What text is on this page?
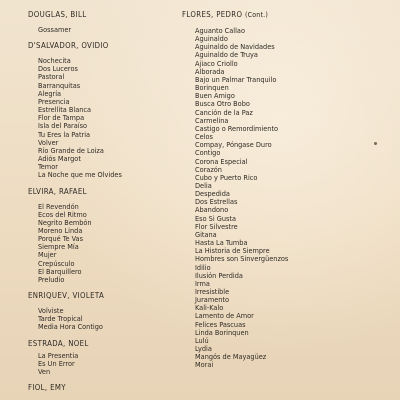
DOUGLAS, BILL
Gossamer
D'SALVADOR, OVIDIO
Nochecita
Dos Luceros
Pastoral
Barranquitas
Alegría
Presencia
Estrellita Blanca
Flor de Tampa
Isla del Paraíso
Tu Eres la Patria
Volver
Río Grande de Loiza
Adiós Margot
Temor
La Noche que me Olvides
ELVIRA, RAFAEL
El Revendón
Ecos del Ritmo
Negrito Bembón
Moreno Linda
Porqué Te Vas
Siempre Mía
Mujer
Crepúsculo
El Barquillero
Preludio
ENRIQUEV, VIOLETA
Volviste
Tarde Tropical
Media Hora Contigo
ESTRADA, NOEL
La Presentia
Es Un Error
Ven
FIOL, EMY
FLORES, PEDRO (Cont.)
Aguanto Callao
Aguinaldo
Aguinaldo de Navidades
Aguinaldo de Truya
Ajiaco Criollo
Alborada
Bajo un Palmar Tranquilo
Borinquen
Buen Amigo
Busca Otro Bobo
Canción de la Paz
Carmelina
Castigo o Remordimiento
Celos
Compay, Póngase Duro
Contigo
Corona Especial
Corazón
Cubo y Puerto Rico
Delia
Despedida
Dos Estrellas
Abandono
Eso Si Gusta
Flor Silvestre
Gitana
Hasta La Tumba
La Historia de Siempre
Hombres son Sinvergüenzos
Idilio
Ilusión Perdida
Irma
Irresistible
Juramento
Kali-Kalo
Lamento de Amor
Felices Pascuas
Linda Borinquen
Lulú
Lydia
Mangós de Mayagüez
Morai
